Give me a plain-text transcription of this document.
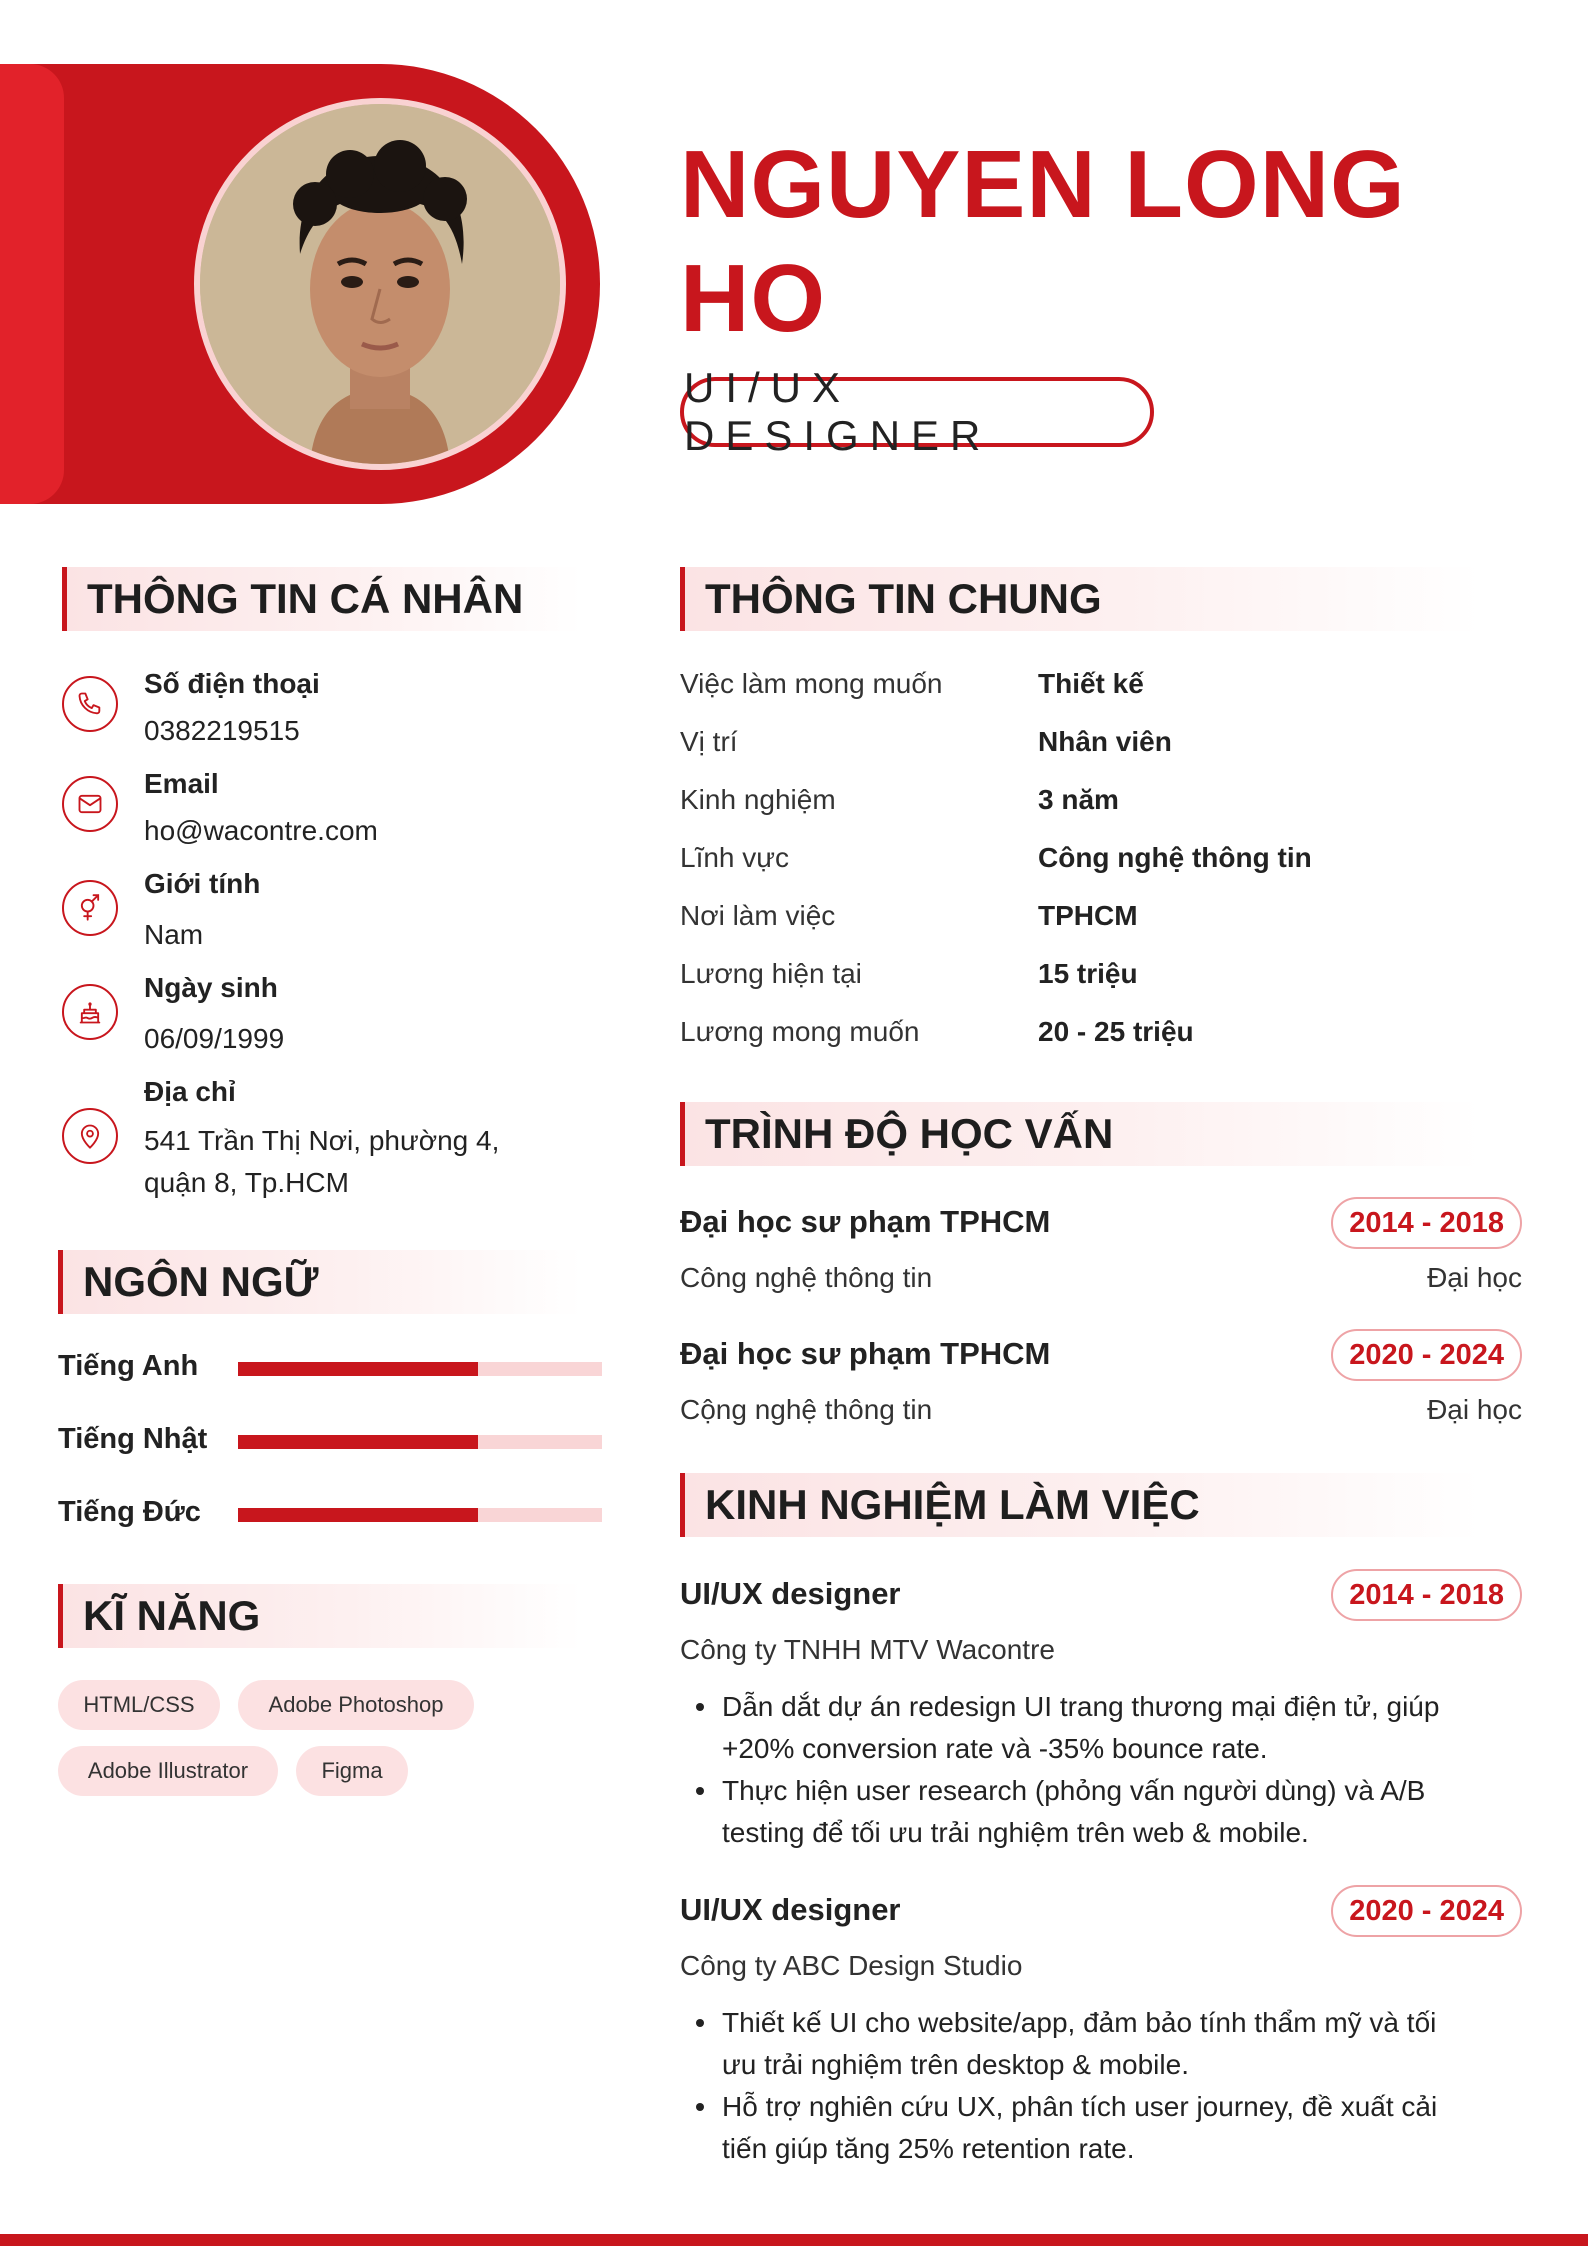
NGUYEN LONG
HO
UI/UX DESIGNER
THÔNG TIN CÁ NHÂN
Số điện thoại
0382219515
Email
ho@wacontre.com
Giới tính
Nam
Ngày sinh
06/09/1999
Địa chỉ
541 Trần Thị Nơi, phường 4,
quận 8, Tp.HCM
NGÔN NGỮ
Tiếng Anh
Tiếng Nhật
Tiếng Đức
KĨ NĂNG
HTML/CSS	Adobe Photoshop
Adobe Illustrator	Figma
THÔNG TIN CHUNG
Việc làm mong muốn	Thiết kế
Vị trí	Nhân viên
Kinh nghiệm	3 năm
Lĩnh vực	Công nghệ thông tin
Nơi làm việc	TPHCM
Lương hiện tại	15 triệu
Lương mong muốn	20 - 25 triệu
TRÌNH ĐỘ HỌC VẤN
Đại học sư phạm TPHCM	2014 - 2018
Công nghệ thông tin	Đại học
Đại học sư phạm TPHCM	2020 - 2024
Cộng nghệ thông tin	Đại học
KINH NGHIỆM LÀM VIỆC
UI/UX designer	2014 - 2018
Công ty TNHH MTV Wacontre
Dẫn dắt dự án redesign UI trang thương mại điện tử, giúp
+20% conversion rate và -35% bounce rate.
Thực hiện user research (phỏng vấn người dùng) và A/B
testing để tối ưu trải nghiệm trên web & mobile.
UI/UX designer	2020 - 2024
Công ty ABC Design Studio
Thiết kế UI cho website/app, đảm bảo tính thẩm mỹ và tối
ưu trải nghiệm trên desktop & mobile.
Hỗ trợ nghiên cứu UX, phân tích user journey, đề xuất cải
tiến giúp tăng 25% retention rate.
